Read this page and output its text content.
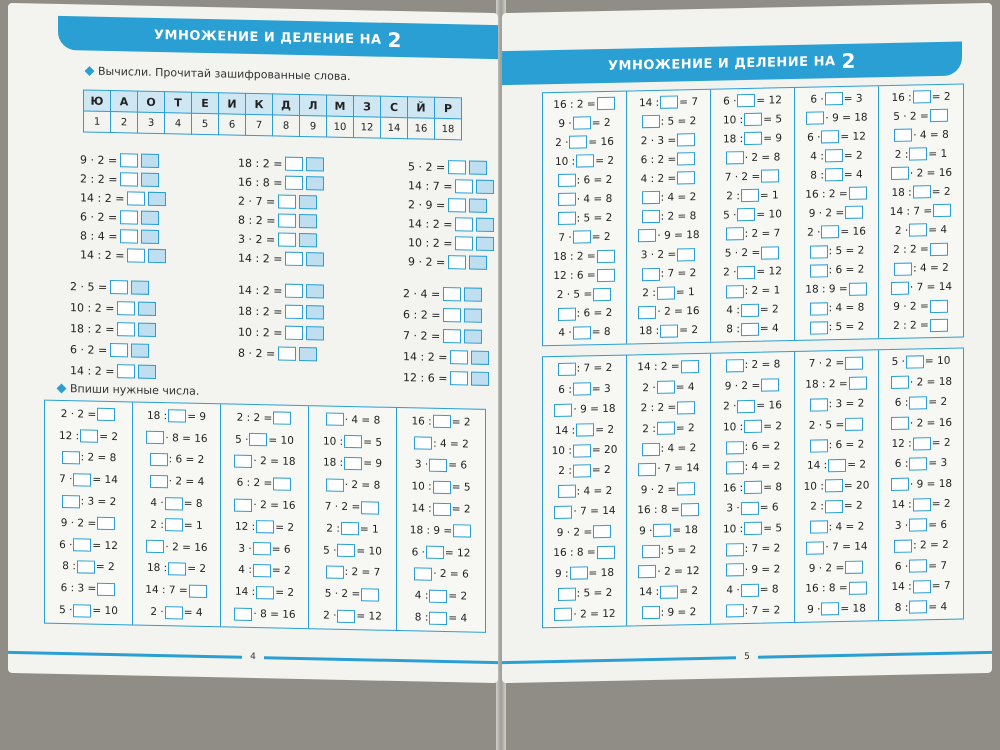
УМНОЖЕНИЕ И ДЕЛЕНИЕ НА 2
Вычисли. Прочитай зашифрованные слова.
Ю	А	О	Т	Е	И	К	Д	Л	М	З	С	Й	Р
1	2	3	4	5	6	7	8	9	10	12	14	16	18
9 · 2 =
2 : 2 =
14 : 2 =
6 · 2 =
8 : 4 =
14 : 2 =
18 : 2 =
16 : 8 =
2 · 7 =
8 : 2 =
3 · 2 =
14 : 2 =
5 · 2 =
14 : 7 =
2 · 9 =
14 : 2 =
10 : 2 =
9 · 2 =
2 · 5 =
10 : 2 =
18 : 2 =
6 · 2 =
14 : 2 =
14 : 2 =
18 : 2 =
10 : 2 =
8 · 2 =
2 · 4 =
6 : 2 =
7 · 2 =
14 : 2 =
12 : 6 =
Впиши нужные числа.
2 · 2 =
12 : = 2
: 2 = 8
7 · = 14
: 3 = 2
9 · 2 =
6 · = 12
8 : = 2
6 : 3 =
5 · = 10
18 : = 9
· 8 = 16
: 6 = 2
· 2 = 4
4 · = 8
2 : = 1
· 2 = 16
18 : = 2
14 : 7 =
2 · = 4
2 : 2 =
5 · = 10
· 2 = 18
6 : 2 =
· 2 = 16
12 : = 2
3 · = 6
4 : = 2
14 : = 2
· 8 = 16
· 4 = 8
10 : = 5
18 : = 9
· 2 = 8
7 · 2 =
2 : = 1
5 · = 10
: 2 = 7
5 · 2 =
2 · = 12
16 : = 2
: 4 = 2
3 · = 6
10 : = 5
14 : = 2
18 : 9 =
6 · = 12
· 2 = 6
4 : = 2
8 : = 4
4
УМНОЖЕНИЕ И ДЕЛЕНИЕ НА 2
16 : 2 =
9 · = 2
2 · = 16
10 : = 2
: 6 = 2
· 4 = 8
: 5 = 2
7 · = 2
18 : 2 =
12 : 6 =
2 · 5 =
: 6 = 2
4 · = 8
14 : = 7
: 5 = 2
2 · 3 =
6 : 2 =
4 : 2 =
: 4 = 2
: 2 = 8
· 9 = 18
3 · 2 =
: 7 = 2
2 : = 1
· 2 = 16
18 : = 2
6 · = 12
10 : = 5
18 : = 9
· 2 = 8
7 · 2 =
2 : = 1
5 · = 10
: 2 = 7
5 · 2 =
2 · = 12
: 2 = 1
4 : = 2
8 : = 4
6 · = 3
· 9 = 18
6 · = 12
4 : = 2
8 : = 4
16 : 2 =
9 · 2 =
2 · = 16
: 5 = 2
: 6 = 2
18 : 9 =
: 4 = 8
: 5 = 2
16 : = 2
5 · 2 =
· 4 = 8
2 : = 1
· 2 = 16
18 : = 2
14 : 7 =
2 · = 4
2 : 2 =
: 4 = 2
· 7 = 14
9 · 2 =
2 : 2 =
: 7 = 2
6 : = 3
· 9 = 18
14 : = 2
10 : = 20
2 : = 2
: 4 = 2
· 7 = 14
9 · 2 =
16 : 8 =
9 : = 18
: 5 = 2
· 2 = 12
14 : 2 =
2 · = 4
2 : 2 =
2 : = 2
: 4 = 2
· 7 = 14
9 · 2 =
16 : 8 =
9 · = 18
: 5 = 2
· 2 = 12
14 : = 2
: 9 = 2
: 2 = 8
9 · 2 =
2 · = 16
10 : = 2
: 6 = 2
: 4 = 2
16 : = 8
3 · = 6
10 : = 5
: 7 = 2
· 9 = 2
4 · = 8
: 7 = 2
7 · 2 =
18 : 2 =
: 3 = 2
2 · 5 =
: 6 = 2
14 : = 2
10 : = 20
2 : = 2
: 4 = 2
· 7 = 14
9 · 2 =
16 : 8 =
9 · = 18
5 · = 10
· 2 = 18
6 : = 2
· 2 = 16
12 : = 2
6 : = 3
· 9 = 18
14 : = 2
3 · = 6
: 2 = 2
6 · = 7
14 : = 7
8 : = 4
5
